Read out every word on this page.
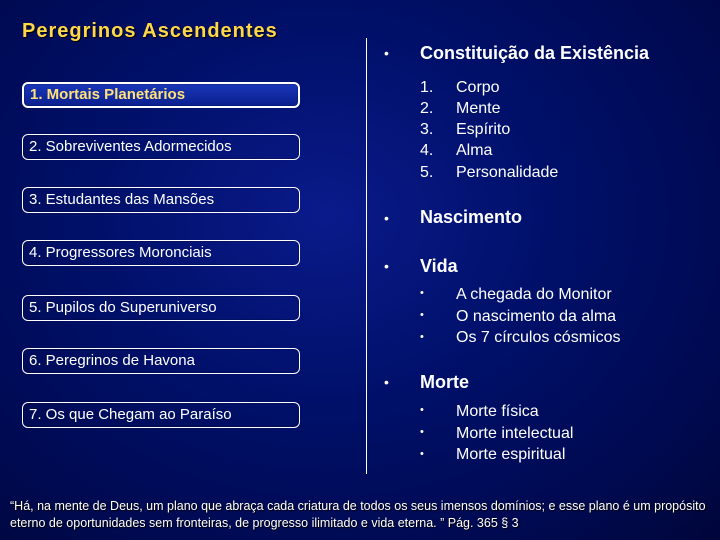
Peregrinos Ascendentes
1. Mortais Planetários
2. Sobreviventes Adormecidos
3. Estudantes das Mansões
4. Progressores Moronciais
5. Pupilos do Superuniverso
6. Peregrinos de Havona
7. Os que Chegam ao Paraíso
• Constituição da Existência
1.	Corpo
2.	Mente
3.	Espírito
4.	Alma
5.	Personalidade
• Nascimento
• Vida
• A chegada do Monitor
• O nascimento da alma
• Os 7 círculos cósmicos
• Morte
• Morte física
• Morte intelectual
• Morte espiritual
“Há, na mente de Deus, um plano que abraça cada criatura de todos os seus imensos domínios; e esse plano é um propósito eterno de oportunidades sem fronteiras, de progresso ilimitado e vida eterna. ” Pág. 365 § 3
